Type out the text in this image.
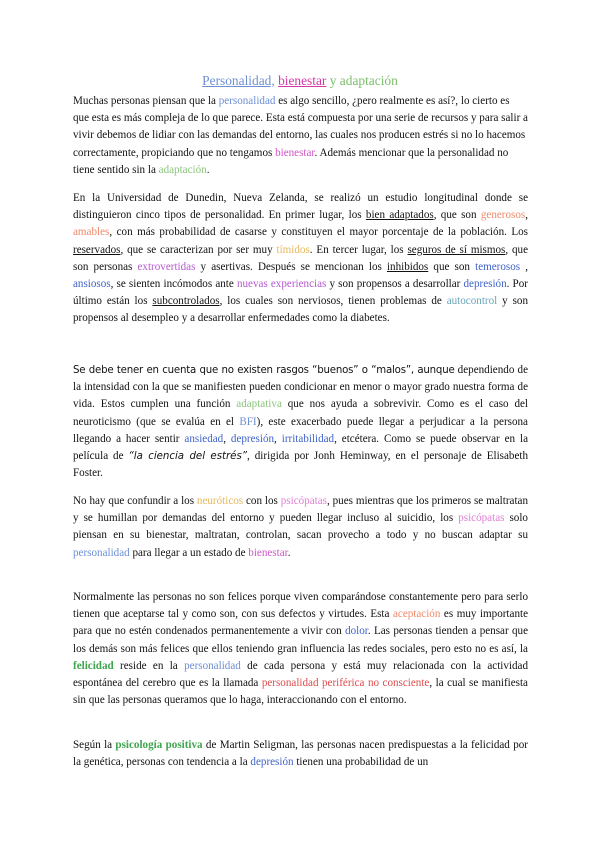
Personalidad, bienestar y adaptación

Muchas personas piensan que la personalidad es algo sencillo, ¿pero realmente es así?, lo cierto es que esta es más compleja de lo que parece. Esta está compuesta por una serie de recursos y para salir a vivir debemos de lidiar con las demandas del entorno, las cuales nos producen estrés si no lo hacemos correctamente, propiciando que no tengamos bienestar. Además mencionar que la personalidad no tiene sentido sin la adaptación.

En la Universidad de Dunedin, Nueva Zelanda, se realizó un estudio longitudinal donde se distinguieron cinco tipos de personalidad. En primer lugar, los bien adaptados, que son generosos, amables, con más probabilidad de casarse y constituyen el mayor porcentaje de la población. Los reservados, que se caracterizan por ser muy tímidos. En tercer lugar, los seguros de sí mismos, que son personas extrovertidas y asertivas. Después se mencionan los inhibidos que son temerosos , ansiosos, se sienten incómodos ante nuevas experiencias y son propensos a desarrollar depresión. Por último están los subcontrolados, los cuales son nerviosos, tienen problemas de autocontrol y son propensos al desempleo y a desarrollar enfermedades como la diabetes.

Se debe tener en cuenta que no existen rasgos “buenos” o “malos”, aunque dependiendo de la intensidad con la que se manifiesten pueden condicionar en menor o mayor grado nuestra forma de vida. Estos cumplen una función adaptativa que nos ayuda a sobrevivir. Como es el caso del neuroticismo (que se evalúa en el BFI), este exacerbado puede llegar a perjudicar a la persona llegando a hacer sentir ansiedad, depresión, irritabilidad, etcétera. Como se puede observar en la película de “la ciencia del estrés”, dirigida por Jonh Heminway, en el personaje de Elisabeth Foster.

No hay que confundir a los neuróticos con los psicópatas, pues mientras que los primeros se maltratan y se humillan por demandas del entorno y pueden llegar incluso al suicidio, los psicópatas solo piensan en su bienestar, maltratan, controlan, sacan provecho a todo y no buscan adaptar su personalidad para llegar a un estado de bienestar.

Normalmente las personas no son felices porque viven comparándose constantemente pero para serlo tienen que aceptarse tal y como son, con sus defectos y virtudes. Esta aceptación es muy importante para que no estén condenados permanentemente a vivir con dolor. Las personas tienden a pensar que los demás son más felices que ellos teniendo gran influencia las redes sociales, pero esto no es así, la felicidad reside en la personalidad de cada persona y está muy relacionada con la actividad espontánea del cerebro que es la llamada personalidad periférica no consciente, la cual se manifiesta sin que las personas queramos que lo haga, interaccionando con el entorno.

Según la psicología positiva de Martin Seligman, las personas nacen predispuestas a la felicidad por la genética, personas con tendencia a la depresión tienen una probabilidad de un
